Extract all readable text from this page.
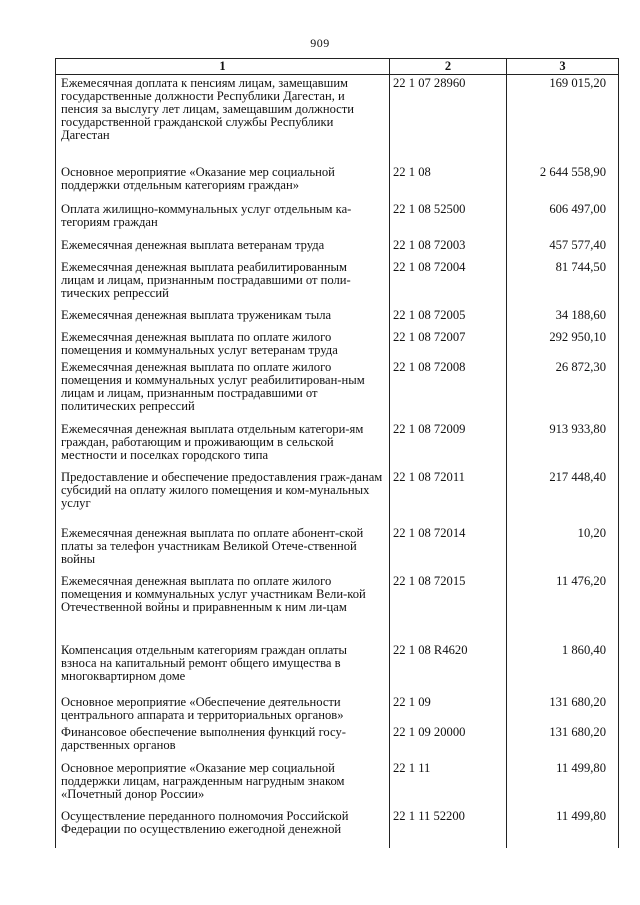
909
1	2	3
Ежемесячная доплата к пенсиям лицам, замещавшим государственные должности Республики Дагестан, и пенсия за выслугу лет лицам, замещавшим должности государственной гражданской службы Республики Дагестан	22 1 07 28960	169 015,20
Основное мероприятие «Оказание мер социальной поддержки отдельным категориям граждан»	22 1 08	2 644 558,90
Оплата жилищно-коммунальных услуг отдельным ка-тегориям граждан	22 1 08 52500	606 497,00
Ежемесячная денежная выплата ветеранам труда	22 1 08 72003	457 577,40
Ежемесячная денежная выплата реабилитированным лицам и лицам, признанным пострадавшими от поли-тических репрессий	22 1 08 72004	81 744,50
Ежемесячная денежная выплата труженикам тыла	22 1 08 72005	34 188,60
Ежемесячная денежная выплата по оплате жилого помещения и коммунальных услуг ветеранам труда	22 1 08 72007	292 950,10
Ежемесячная денежная выплата по оплате жилого помещения и коммунальных услуг реабилитирован-ным лицам и лицам, признанным пострадавшими от политических репрессий	22 1 08 72008	26 872,30
Ежемесячная денежная выплата отдельным категори-ям граждан, работающим и проживающим в сельской местности и поселках городского типа	22 1 08 72009	913 933,80
Предоставление и обеспечение предоставления граж-данам субсидий на оплату жилого помещения и ком-мунальных услуг	22 1 08 72011	217 448,40
Ежемесячная денежная выплата по оплате абонент-ской платы за телефон участникам Великой Отече-ственной войны	22 1 08 72014	10,20
Ежемесячная денежная выплата по оплате жилого помещения и коммунальных услуг участникам Вели-кой Отечественной войны и приравненным к ним ли-цам	22 1 08 72015	11 476,20
Компенсация отдельным категориям граждан оплаты взноса на капитальный ремонт общего имущества в многоквартирном доме	22 1 08 R4620	1 860,40
Основное мероприятие «Обеспечение деятельности центрального аппарата и территориальных органов»	22 1 09	131 680,20
Финансовое обеспечение выполнения функций госу-дарственных органов	22 1 09 20000	131 680,20
Основное мероприятие «Оказание мер социальной поддержки лицам, награжденным нагрудным знаком «Почетный донор России»	22 1 11	11 499,80
Осуществление переданного полномочия Российской Федерации по осуществлению ежегодной денежной	22 1 11 52200	11 499,80
